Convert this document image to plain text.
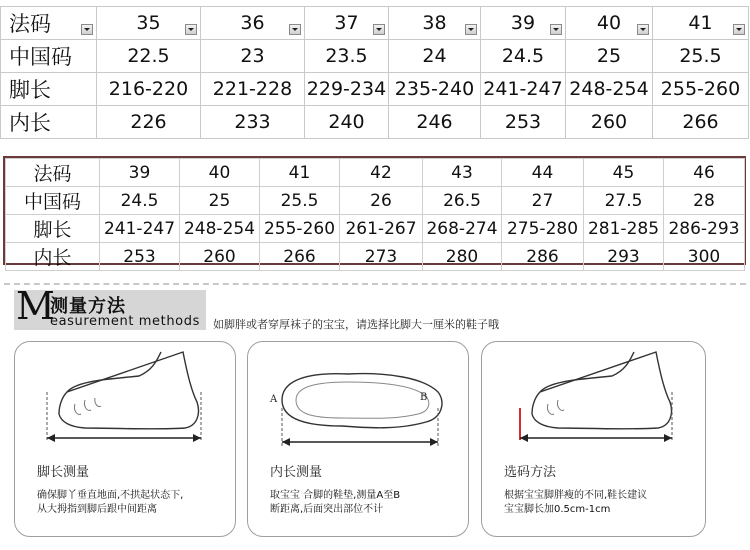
法码	35	36	37	38	39	40	41

中国码	22.5	23	23.5	24	24.5	25	25.5
脚长	216-220	221-228	229-234	235-240	241-247	248-254	255-260
内长	226	233	240	246	253	260	266
法码	39	40	41	42	43	44	45	46
中国码	24.5	25	25.5	26	26.5	27	27.5	28
脚长	241-247	248-254	255-260	261-267	268-274	275-280	281-285	286-293
内长	253	260	266	273	280	286	293	300
M
测量方法
easurement methods 如脚胖或者穿厚袜子的宝宝，请选择比脚大一厘米的鞋子哦
脚长测量
确保脚丫垂直地面,不拱起状态下,
从大拇指到脚后跟中间距离
A	B
内长测量
取宝宝 合脚的鞋垫,测量A至B
断距离,后面突出部位不计
选码方法
根据宝宝脚胖瘦的不同,鞋长建议
宝宝脚长加0.5cm-1cm
